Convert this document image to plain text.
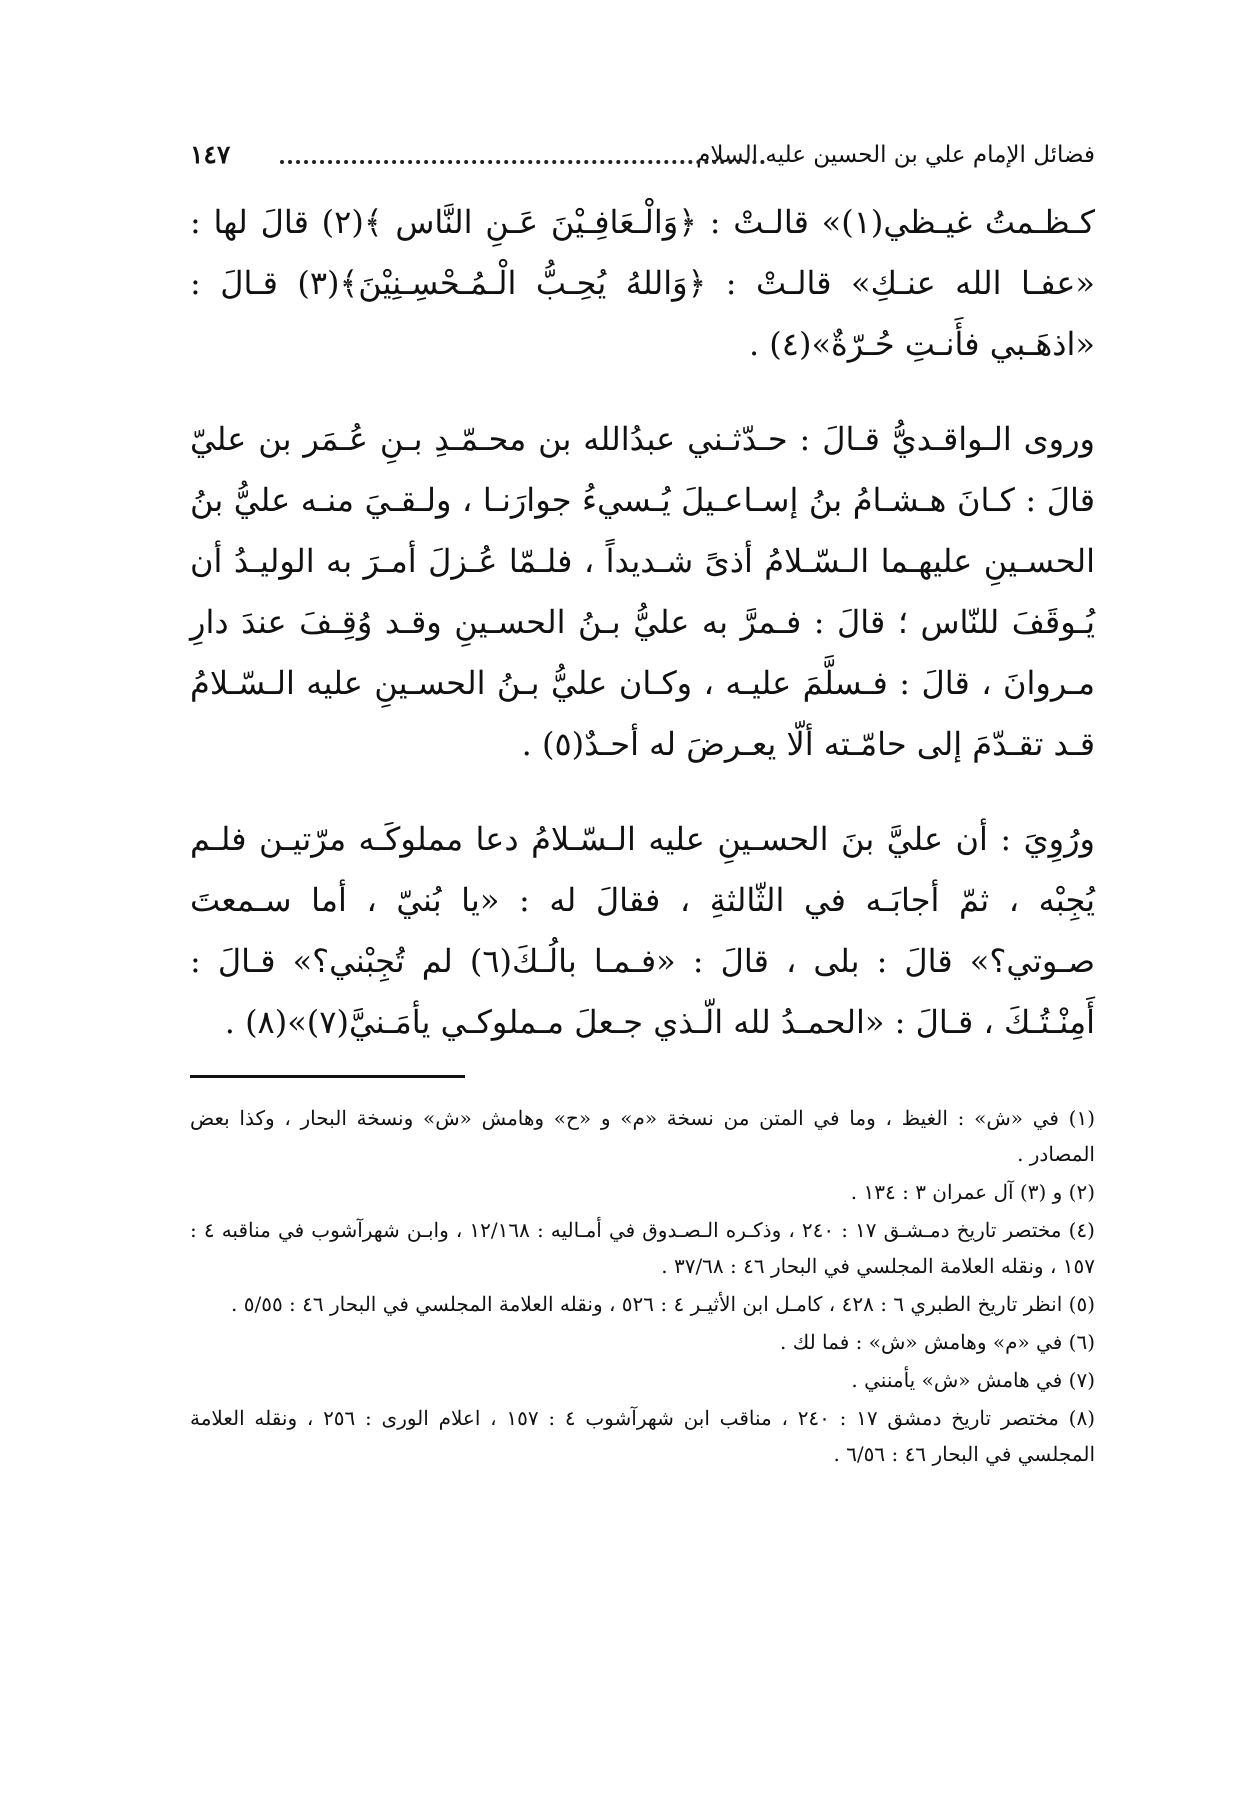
فضائل الإمام علي بن الحسين عليه السلام
١٤٧

كـظـمتُ غيـظي(١)» قالـتْ : ﴿وَالْـعَافِـيْنَ عَـنِ النَّاس ﴾(٢) قالَ لها : «عفـا الله عنـكِ» قالـتْ : ﴿وَاللهُ يُحِـبُّ الْـمُـحْسِـنِيْنَ﴾(٣) قـالَ : «اذهَـبي فأَنـتِ حُـرّةٌ»(٤) .

وروى الـواقـديُّ قـالَ : حـدّثـني عبدُالله بن محـمّـدِ بـنِ عُـمَر بن عليّ قالَ : كـانَ هـشـامُ بنُ إسـاعـيلَ يُـسيءُ جوارَنـا ، ولـقـيَ منـه عليُّ بنُ الحسـينِ عليهـما الـسّـلامُ أذىً شـديداً ، فلـمّا عُـزلَ أمـرَ به الوليـدُ أن يُـوقَفَ للنّاس ؛ قالَ : فـمرَّ به عليُّ بـنُ الحسـينِ وقـد وُقِـفَ عندَ دارِ مـروانَ ، قالَ : فـسلَّمَ عليـه ، وكـان عليُّ بـنُ الحسـينِ عليه الـسّـلامُ قـد تقـدّمَ إلى حامّـته ألّا يعـرضَ له أحـدٌ(٥) .

ورُوِيَ : أن عليَّ بنَ الحسـينِ عليه الـسّـلامُ دعا مملوكَـه مرّتيـن فلـم يُجِبْه ، ثمّ أجابَـه في الثّالثةِ ، فقالَ له : «يا بُنيّ ، أما سـمعتَ صـوتي؟» قالَ : بلى ، قالَ : «فـمـا بالُـكَ(٦) لم تُجِبْني؟» قـالَ : أَمِنْـتُـكَ ، قـالَ : «الحمـدُ لله الّـذي جـعلَ مـملوكـي يأمَـنيَّ(٧)»(٨) .

(١) في «ش» : الغيظ ، وما في المتن من نسخة «م» و «ح» وهامش «ش» ونسخة البحار ، وكذا بعض المصادر .

(٢) و (٣) آل عمران ٣ : ١٣٤ .

(٤) مختصر تاريخ دمـشـق ١٧ : ٢٤٠ ، وذكـره الـصـدوق في أمـاليه : ١٢/١٦٨ ، وابـن شهرآشوب في مناقبه ٤ : ١٥٧ ، ونقله العلامة المجلسي في البحار ٤٦ : ٣٧/٦٨ .

(٥) انظر تاريخ الطبري ٦ : ٤٢٨ ، كامـل ابن الأثيـر ٤ : ٥٢٦ ، ونقله العلامة المجلسي في البحار ٤٦ : ٥/٥٥ .

(٦) في «م» وهامش «ش» : فما لك .

(٧) في هامش «ش» يأمنني .

(٨) مختصر تاريخ دمشق ١٧ : ٢٤٠ ، مناقب ابن شهرآشوب ٤ : ١٥٧ ، اعلام الورى : ٢٥٦ ، ونقله العلامة المجلسي في البحار ٤٦ : ٦/٥٦ .
